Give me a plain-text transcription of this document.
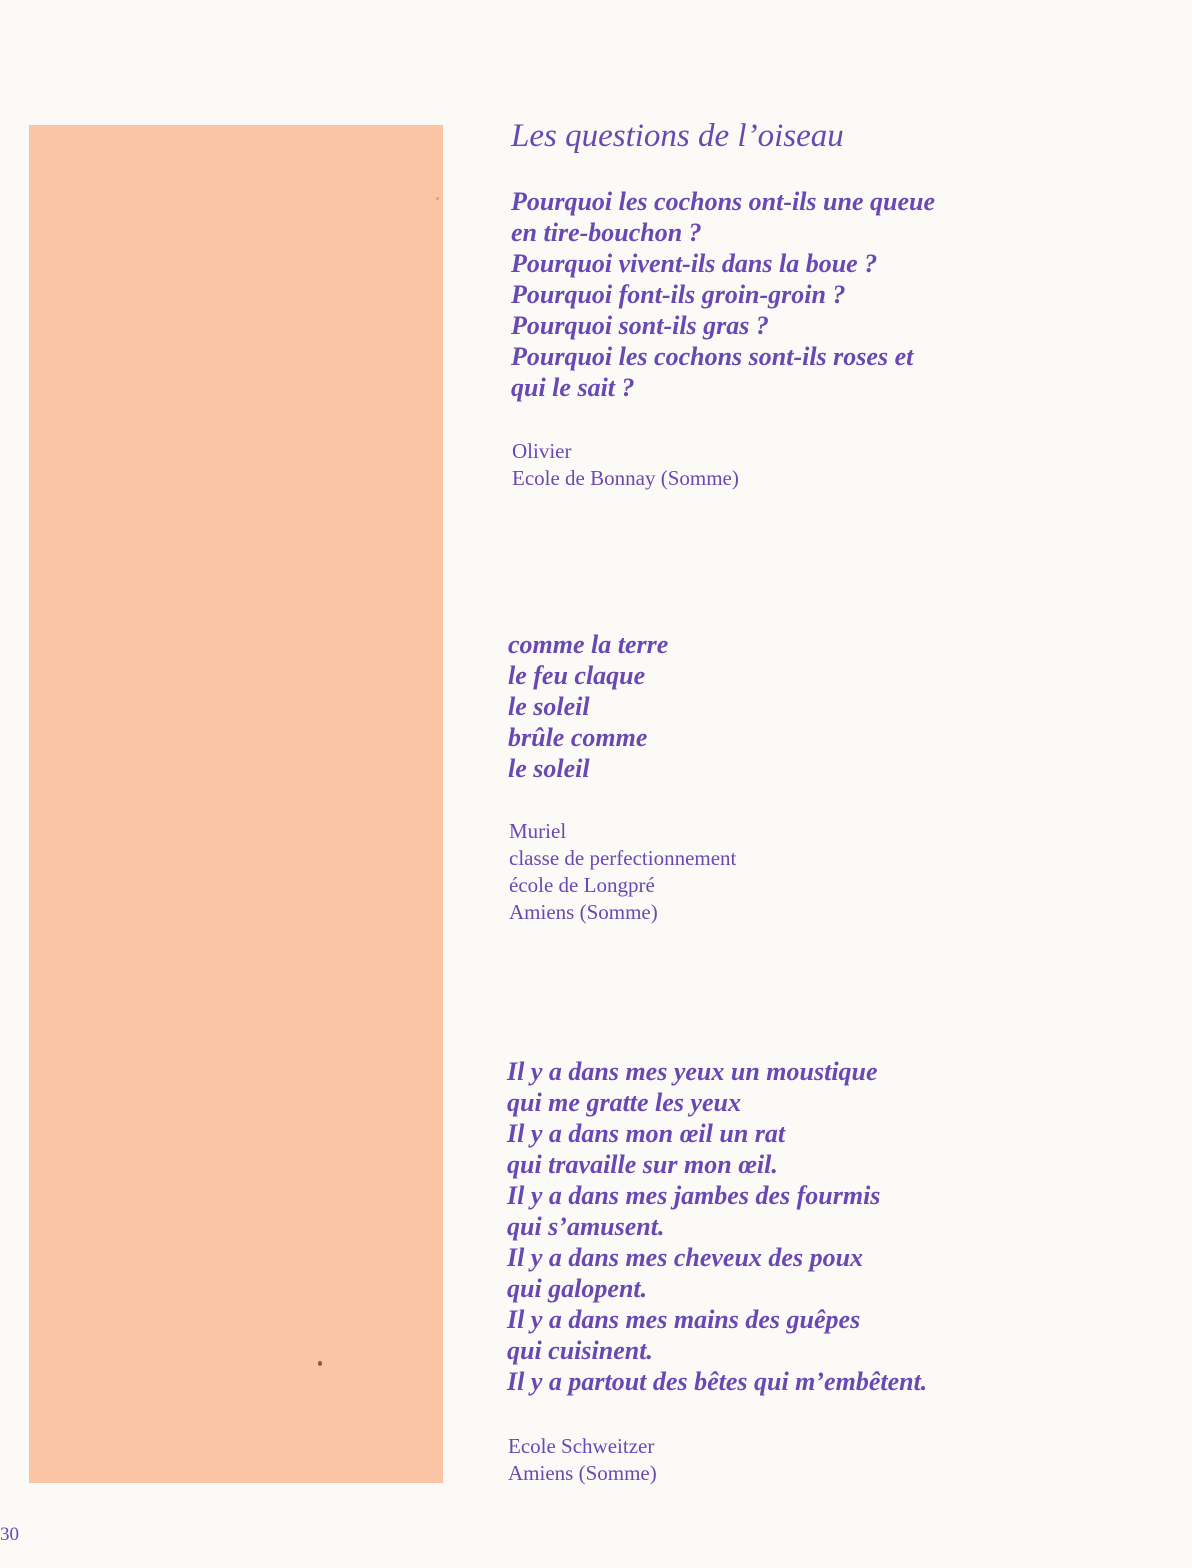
Les questions de l’oiseau
Pourquoi les cochons ont-ils une queue
en tire-bouchon ?
Pourquoi vivent-ils dans la boue ?
Pourquoi font-ils groin-groin ?
Pourquoi sont-ils gras ?
Pourquoi les cochons sont-ils roses et
qui le sait ?
Olivier
Ecole de Bonnay (Somme)
comme la terre
le feu claque
le soleil
brûle comme
le soleil
Muriel
classe de perfectionnement
école de Longpré
Amiens (Somme)
Il y a dans mes yeux un moustique
qui me gratte les yeux
Il y a dans mon œil un rat
qui travaille sur mon œil.
Il y a dans mes jambes des fourmis
qui s’amusent.
Il y a dans mes cheveux des poux
qui galopent.
Il y a dans mes mains des guêpes
qui cuisinent.
Il y a partout des bêtes qui m’embêtent.
Ecole Schweitzer
Amiens (Somme)
30
